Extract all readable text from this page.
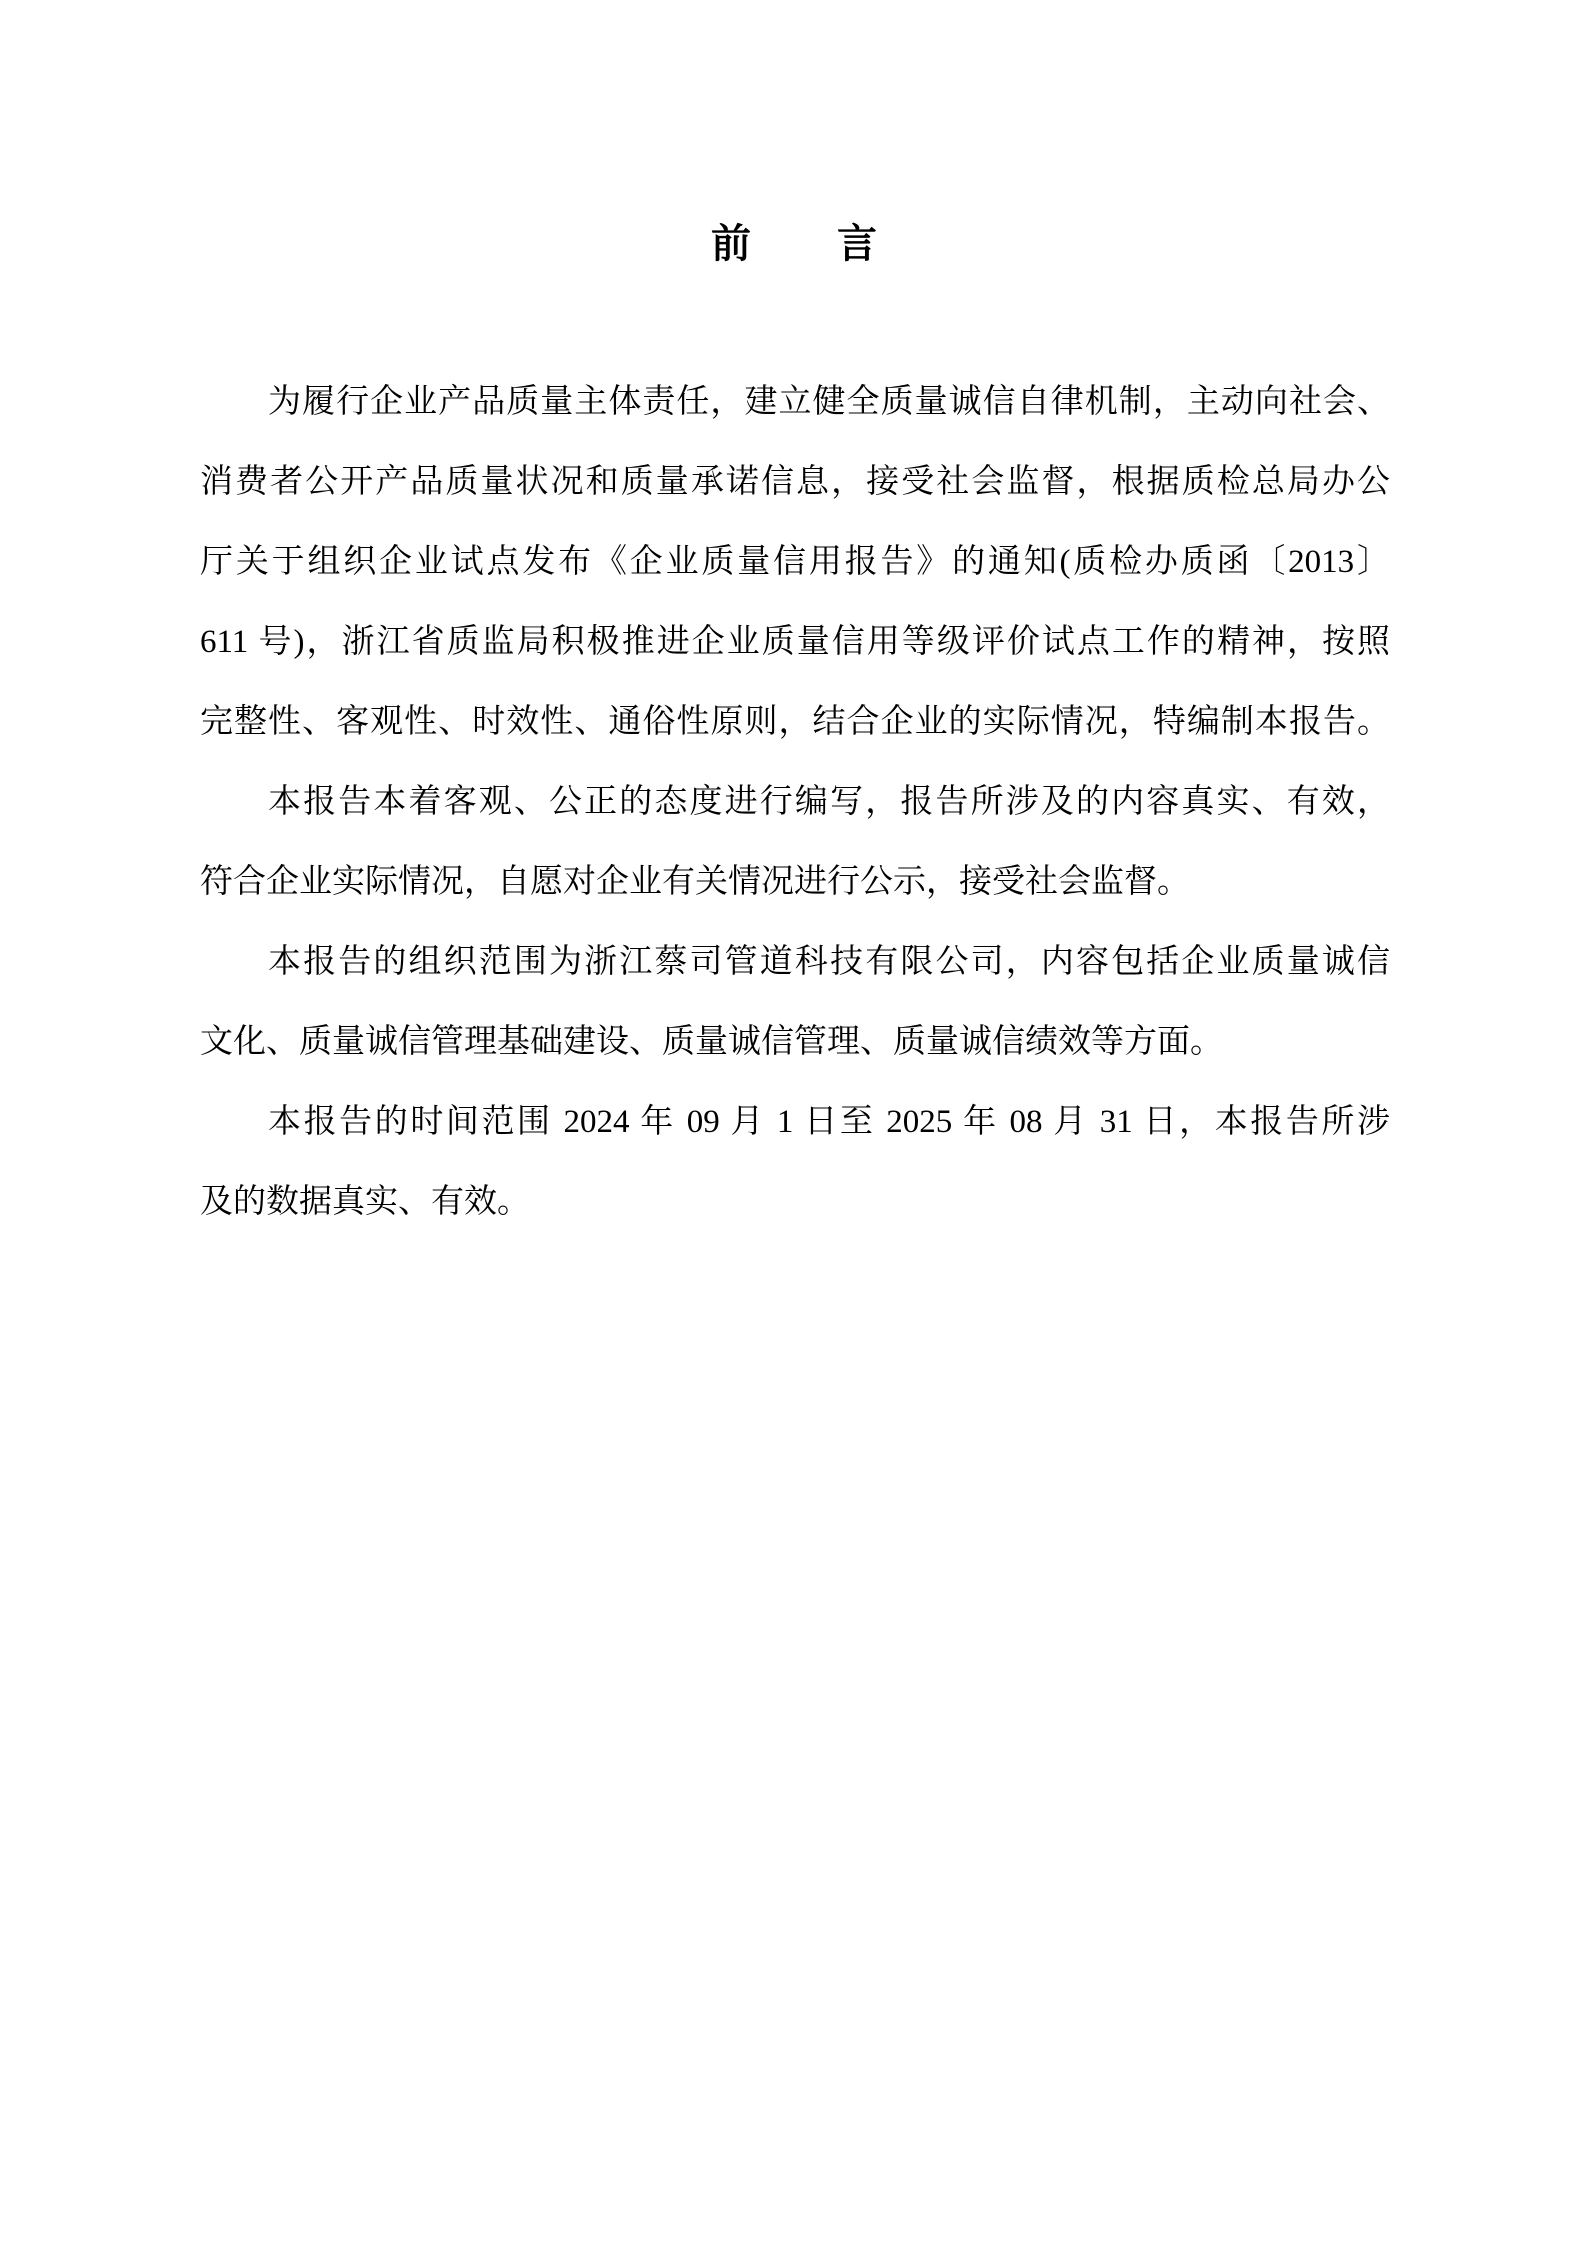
前　　言

为履行企业产品质量主体责任，建立健全质量诚信自律机制，主动向社会、
消费者公开产品质量状况和质量承诺信息，接受社会监督，根据质检总局办公
厅关于组织企业试点发布《企业质量信用报告》的通知(质检办质函〔2013〕
611 号)，浙江省质监局积极推进企业质量信用等级评价试点工作的精神，按照
完整性、客观性、时效性、通俗性原则，结合企业的实际情况，特编制本报告。

本报告本着客观、公正的态度进行编写，报告所涉及的内容真实、有效，
符合企业实际情况，自愿对企业有关情况进行公示，接受社会监督。

本报告的组织范围为浙江蔡司管道科技有限公司，内容包括企业质量诚信
文化、质量诚信管理基础建设、质量诚信管理、质量诚信绩效等方面。

本报告的时间范围 2024 年 09 月 1 日至 2025 年 08 月 31 日，本报告所涉
及的数据真实、有效。
